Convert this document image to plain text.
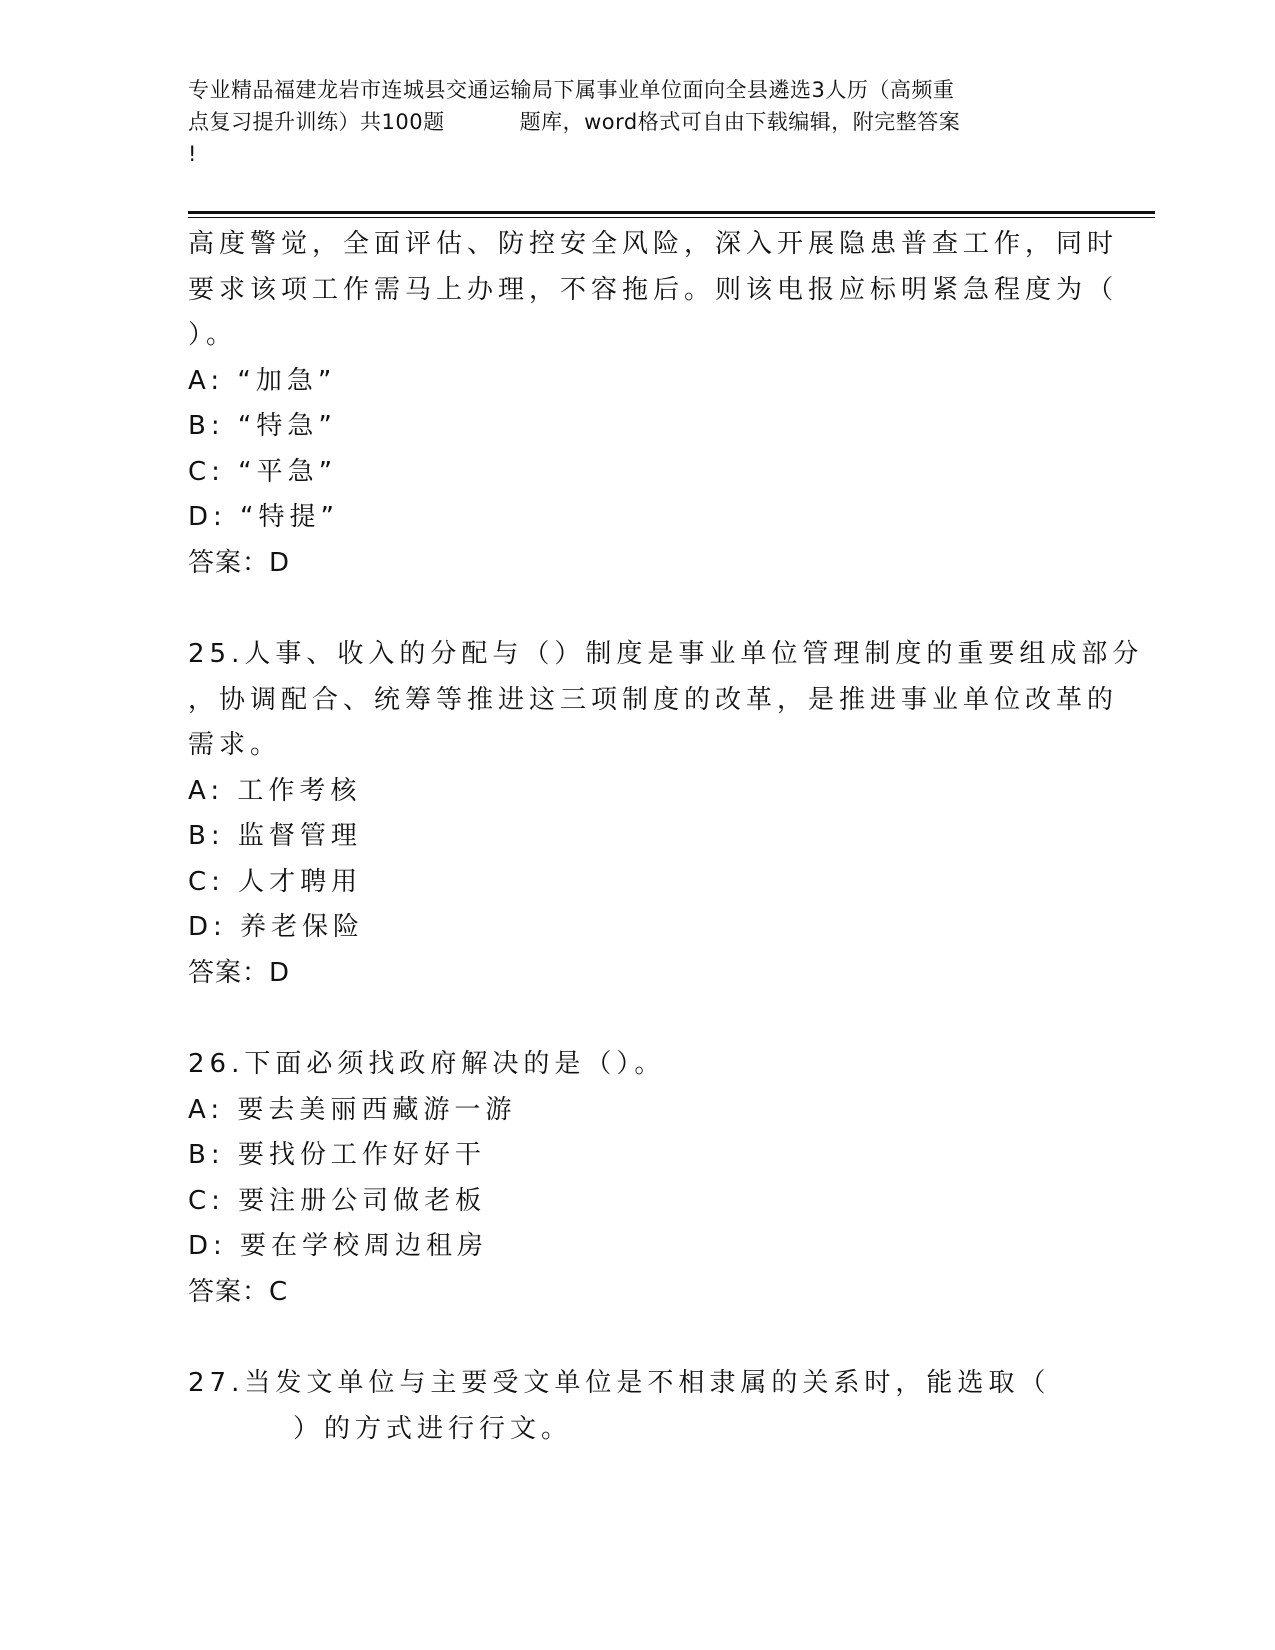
专业精品福建龙岩市连城县交通运输局下属事业单位面向全县遴选3人历（高频重
点复习提升训练）共100题	题库，word格式可自由下载编辑，附完整答案
!
高度警觉，全面评估、防控安全风险，深入开展隐患普查工作，同时
要求该项工作需马上办理，不容拖后。则该电报应标明紧急程度为（
）。
A: “加急”
B: “特急”
C: “平急”
D: “特提”
答案：D
25.人事、收入的分配与（）制度是事业单位管理制度的重要组成部分
，协调配合、统筹等推进这三项制度的改革，是推进事业单位改革的
需求。
A: 工作考核
B: 监督管理
C: 人才聘用
D: 养老保险
答案：D
26.下面必须找政府解决的是（）。
A: 要去美丽西藏游一游
B: 要找份工作好好干
C: 要注册公司做老板
D: 要在学校周边租房
答案：C
27.当发文单位与主要受文单位是不相隶属的关系时，能选取（
）的方式进行行文。
